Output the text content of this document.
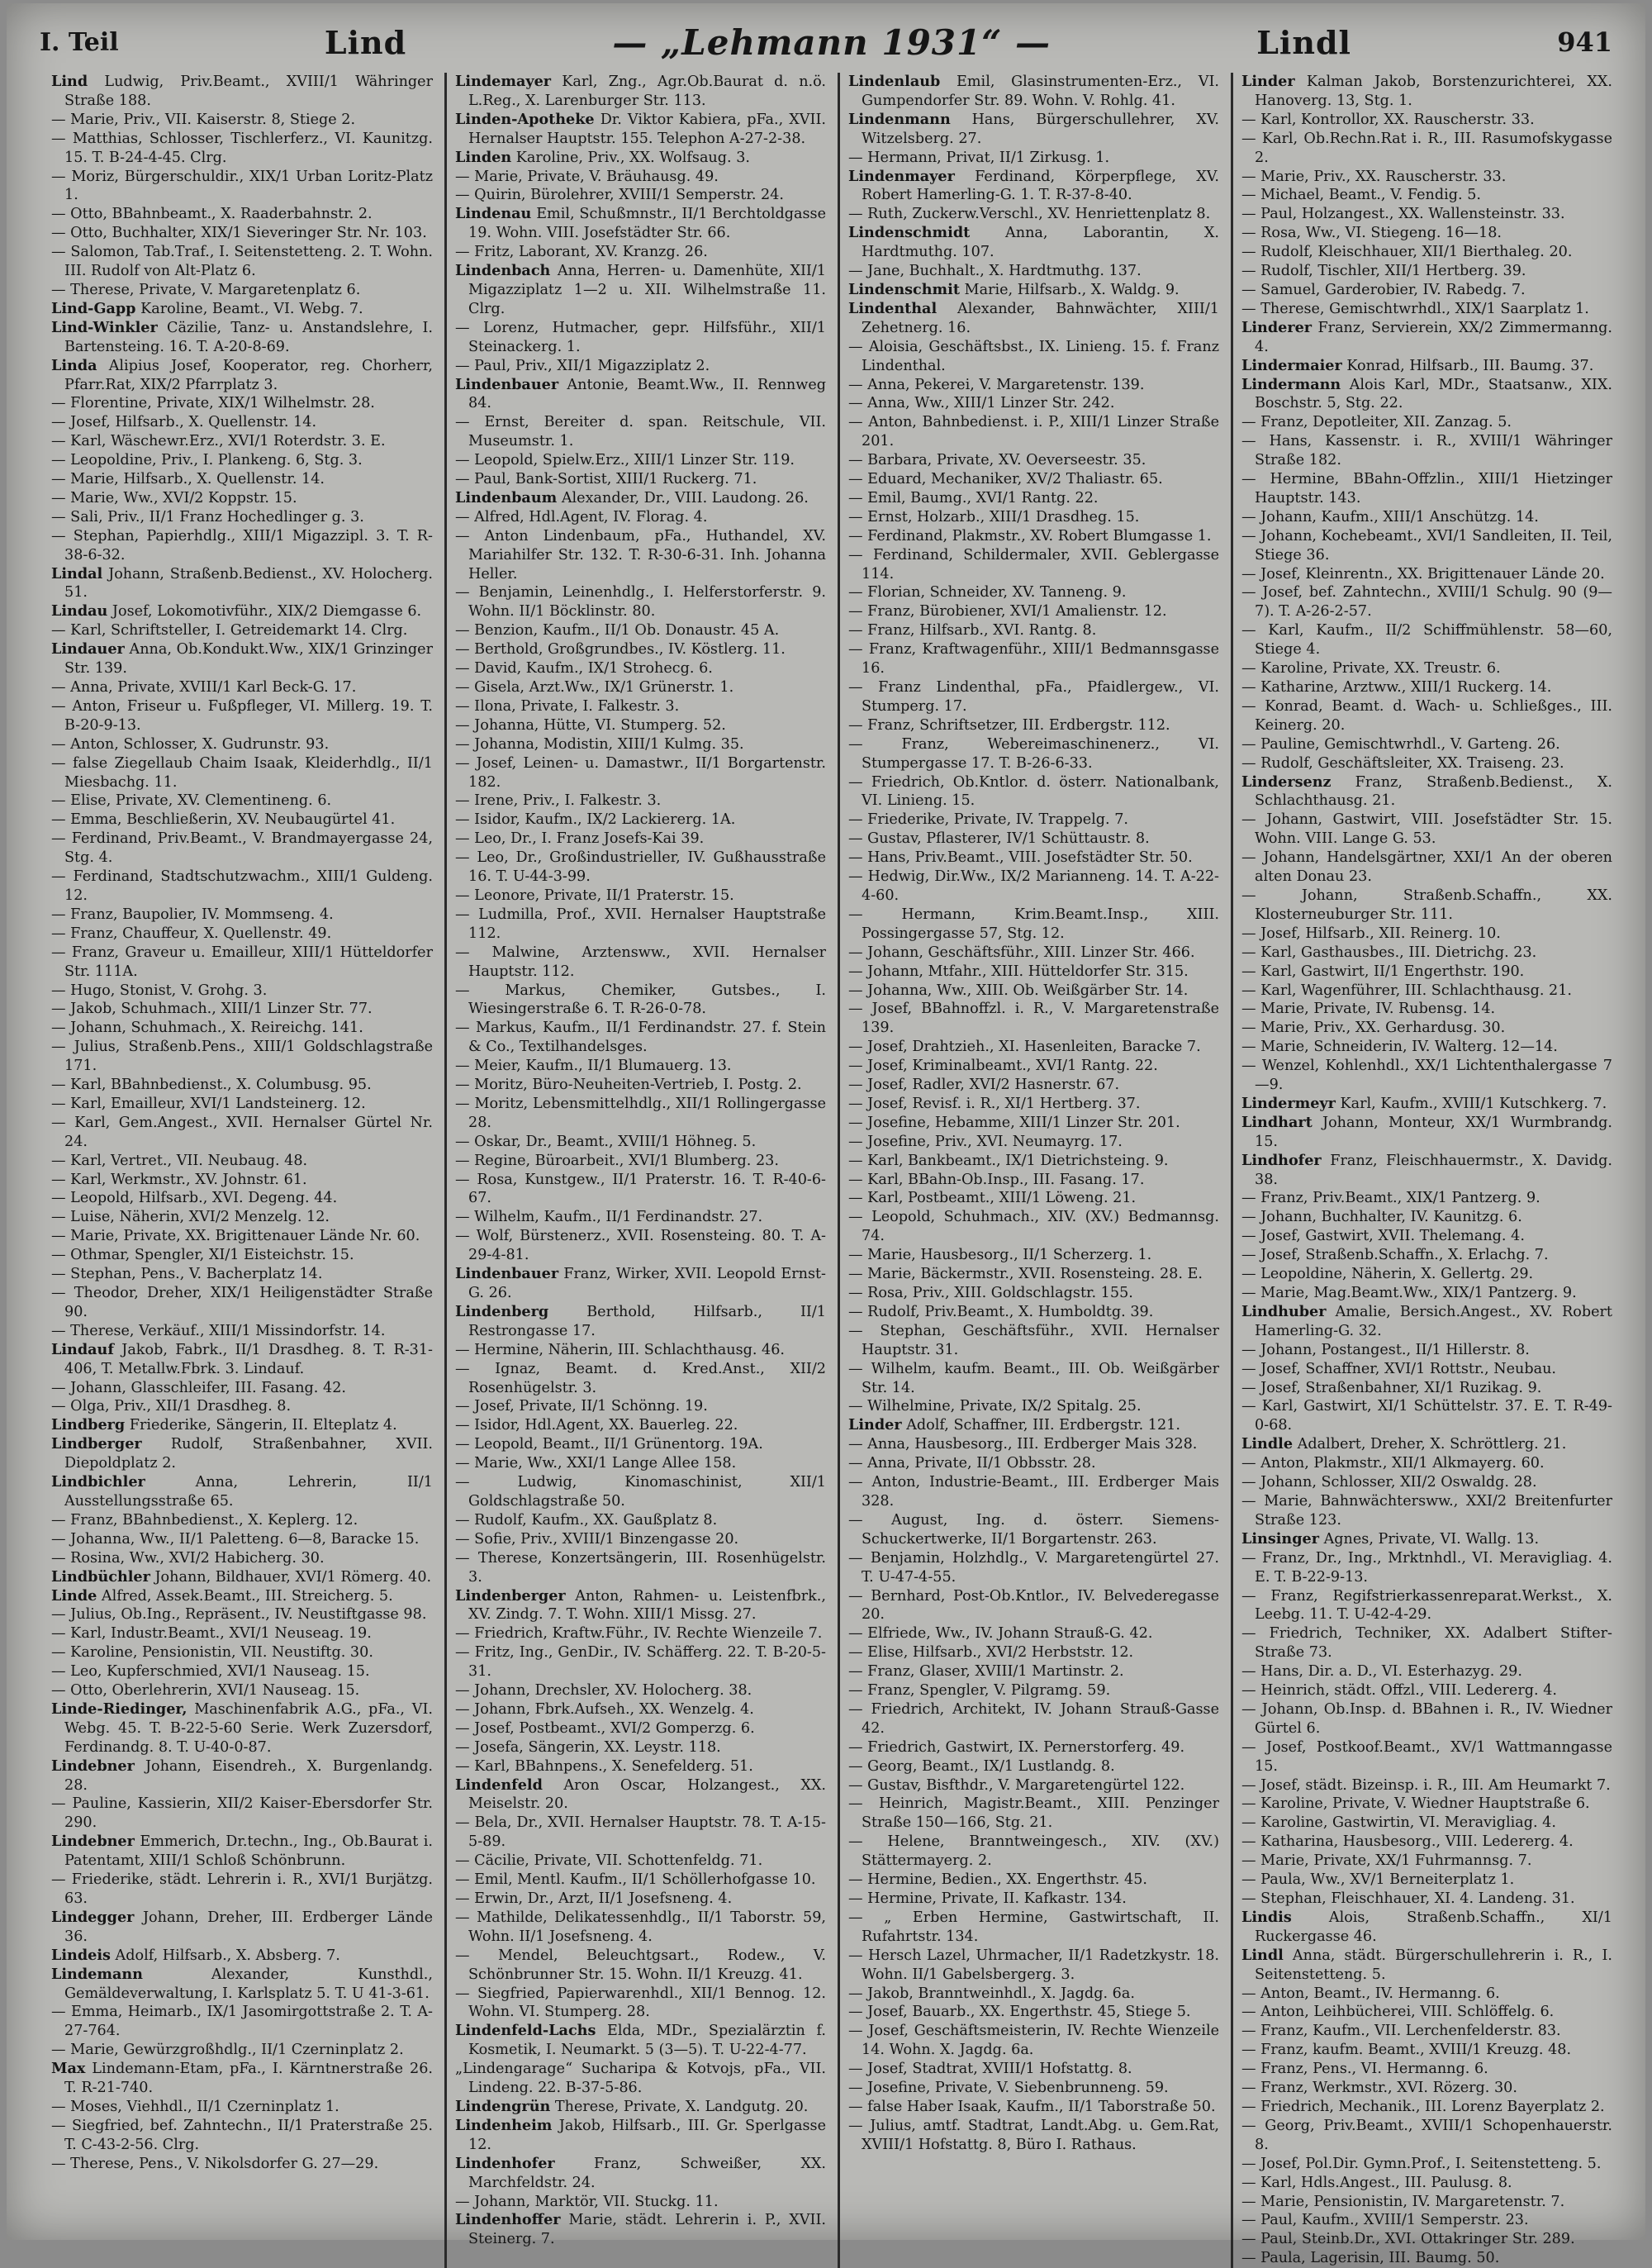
I. Teil	Lind	— „Lehmann 1931“ —	Lindl	941

Lind Ludwig, Priv.Beamt., XVIII/1 Währinger Straße 188.

— Marie, Priv., VII. Kaiserstr. 8, Stiege 2.

— Matthias, Schlosser, Tischlerferz., VI. Kaunitzg. 15. T. B-24-4-45. Clrg.

— Moriz, Bürgerschuldir., XIX/1 Urban Loritz-Platz 1.

— Otto, BBahnbeamt., X. Raaderbahnstr. 2.

— Otto, Buchhalter, XIX/1 Sieveringer Str. Nr. 103.

— Salomon, Tab.Traf., I. Seitenstetteng. 2. T. Wohn. III. Rudolf von Alt-Platz 6.

— Therese, Private, V. Margaretenplatz 6.

Lind-Gapp Karoline, Beamt., VI. Webg. 7.

Lind-Winkler Cäzilie, Tanz- u. Anstandslehre, I. Bartensteing. 16. T. A-20-8-69.

Linda Alipius Josef, Kooperator, reg. Chorherr, Pfarr.Rat, XIX/2 Pfarrplatz 3.

— Florentine, Private, XIX/1 Wilhelmstr. 28.

— Josef, Hilfsarb., X. Quellenstr. 14.

— Karl, Wäschewr.Erz., XVI/1 Roterdstr. 3. E.

— Leopoldine, Priv., I. Plankeng. 6, Stg. 3.

— Marie, Hilfsarb., X. Quellenstr. 14.

— Marie, Ww., XVI/2 Koppstr. 15.

— Sali, Priv., II/1 Franz Hochedlinger g. 3.

— Stephan, Papierhdlg., XIII/1 Migazzipl. 3. T. R-38-6-32.

Lindal Johann, Straßenb.Bedienst., XV. Holocherg. 51.

Lindau Josef, Lokomotivführ., XIX/2 Diemgasse 6.

— Karl, Schriftsteller, I. Getreidemarkt 14. Clrg.

Lindauer Anna, Ob.Kondukt.Ww., XIX/1 Grinzinger Str. 139.

— Anna, Private, XVIII/1 Karl Beck-G. 17.

— Anton, Friseur u. Fußpfleger, VI. Millerg. 19. T. B-20-9-13.

— Anton, Schlosser, X. Gudrunstr. 93.

— false Ziegellaub Chaim Isaak, Kleiderhdlg., II/1 Miesbachg. 11.

— Elise, Private, XV. Clementineng. 6.

— Emma, Beschließerin, XV. Neubaugürtel 41.

— Ferdinand, Priv.Beamt., V. Brandmayergasse 24, Stg. 4.

— Ferdinand, Stadtschutzwachm., XIII/1 Guldeng. 12.

— Franz, Baupolier, IV. Mommseng. 4.

— Franz, Chauffeur, X. Quellenstr. 49.

— Franz, Graveur u. Emailleur, XIII/1 Hütteldorfer Str. 111A.

— Hugo, Stonist, V. Grohg. 3.

— Jakob, Schuhmach., XIII/1 Linzer Str. 77.

— Johann, Schuhmach., X. Reireichg. 141.

— Julius, Straßenb.Pens., XIII/1 Goldschlagstraße 171.

— Karl, BBahnbedienst., X. Columbusg. 95.

— Karl, Emailleur, XVI/1 Landsteinerg. 12.

— Karl, Gem.Angest., XVII. Hernalser Gürtel Nr. 24.

— Karl, Vertret., VII. Neubaug. 48.

— Karl, Werkmstr., XV. Johnstr. 61.

— Leopold, Hilfsarb., XVI. Degeng. 44.

— Luise, Näherin, XVI/2 Menzelg. 12.

— Marie, Private, XX. Brigittenauer Lände Nr. 60.

— Othmar, Spengler, XI/1 Eisteichstr. 15.

— Stephan, Pens., V. Bacherplatz 14.

— Theodor, Dreher, XIX/1 Heiligenstädter Straße 90.

— Therese, Verkäuf., XIII/1 Missindorfstr. 14.

Lindauf Jakob, Fabrk., II/1 Drasdheg. 8. T. R-31-406, T. Metallw.Fbrk. 3. Lindauf.

— Johann, Glasschleifer, III. Fasang. 42.

— Olga, Priv., XII/1 Drasdheg. 8.

Lindberg Friederike, Sängerin, II. Elteplatz 4.

Lindberger Rudolf, Straßenbahner, XVII. Diepoldplatz 2.

Lindbichler Anna, Lehrerin, II/1 Ausstellungsstraße 65.

— Franz, BBahnbedienst., X. Keplerg. 12.

— Johanna, Ww., II/1 Paletteng. 6—8, Baracke 15.

— Rosina, Ww., XVI/2 Habicherg. 30.

Lindbüchler Johann, Bildhauer, XVI/1 Römerg. 40.

Linde Alfred, Assek.Beamt., III. Streicherg. 5.

— Julius, Ob.Ing., Repräsent., IV. Neustiftgasse 98.

— Karl, Industr.Beamt., XVI/1 Neuseag. 19.

— Karoline, Pensionistin, VII. Neustiftg. 30.

— Leo, Kupferschmied, XVI/1 Nauseag. 15.

— Otto, Oberlehrerin, XVI/1 Nauseag. 15.

Linde-Riedinger, Maschinenfabrik A.G., pFa., VI. Webg. 45. T. B-22-5-60 Serie. Werk Zuzersdorf, Ferdinandg. 8. T. U-40-0-87.

Lindebner Johann, Eisendreh., X. Burgenlandg. 28.

— Pauline, Kassierin, XII/2 Kaiser-Ebersdorfer Str. 290.

Lindebner Emmerich, Dr.techn., Ing., Ob.Baurat i. Patentamt, XIII/1 Schloß Schönbrunn.

— Friederike, städt. Lehrerin i. R., XVI/1 Burjätzg. 63.

Lindegger Johann, Dreher, III. Erdberger Lände 36.

Lindeis Adolf, Hilfsarb., X. Absberg. 7.

Lindemann Alexander, Kunsthdl., Gemäldeverwaltung, I. Karlsplatz 5. T. U 41-3-61.

— Emma, Heimarb., IX/1 Jasomirgottstraße 2. T. A-27-764.

— Marie, Gewürzgroßhdlg., II/1 Czerninplatz 2.

Max Lindemann-Etam, pFa., I. Kärntnerstraße 26. T. R-21-740.

— Moses, Viehhdl., II/1 Czerninplatz 1.

— Siegfried, bef. Zahntechn., II/1 Praterstraße 25. T. C-43-2-56. Clrg.

— Therese, Pens., V. Nikolsdorfer G. 27—29.

Lindemayer Karl, Zng., Agr.Ob.Baurat d. n.ö. L.Reg., X. Larenburger Str. 113.

Linden-Apotheke Dr. Viktor Kabiera, pFa., XVII. Hernalser Hauptstr. 155. Telephon A-27-2-38.

Linden Karoline, Priv., XX. Wolfsaug. 3.

— Marie, Private, V. Bräuhausg. 49.

— Quirin, Bürolehrer, XVIII/1 Semperstr. 24.

Lindenau Emil, Schußmnstr., II/1 Berchtoldgasse 19. Wohn. VIII. Josefstädter Str. 66.

— Fritz, Laborant, XV. Kranzg. 26.

Lindenbach Anna, Herren- u. Damenhüte, XII/1 Migazziplatz 1—2 u. XII. Wilhelmstraße 11. Clrg.

— Lorenz, Hutmacher, gepr. Hilfsführ., XII/1 Steinackerg. 1.

— Paul, Priv., XII/1 Migazziplatz 2.

Lindenbauer Antonie, Beamt.Ww., II. Rennweg 84.

— Ernst, Bereiter d. span. Reitschule, VII. Museumstr. 1.

— Leopold, Spielw.Erz., XIII/1 Linzer Str. 119.

— Paul, Bank-Sortist, XIII/1 Ruckerg. 71.

Lindenbaum Alexander, Dr., VIII. Laudong. 26.

— Alfred, Hdl.Agent, IV. Florag. 4.

— Anton Lindenbaum, pFa., Huthandel, XV. Mariahilfer Str. 132. T. R-30-6-31. Inh. Johanna Heller.

— Benjamin, Leinenhdlg., I. Helferstorferstr. 9. Wohn. II/1 Böcklinstr. 80.

— Benzion, Kaufm., II/1 Ob. Donaustr. 45 A.

— Berthold, Großgrundbes., IV. Köstlerg. 11.

— David, Kaufm., IX/1 Strohecg. 6.

— Gisela, Arzt.Ww., IX/1 Grünerstr. 1.

— Ilona, Private, I. Falkestr. 3.

— Johanna, Hütte, VI. Stumperg. 52.

— Johanna, Modistin, XIII/1 Kulmg. 35.

— Josef, Leinen- u. Damastwr., II/1 Borgartenstr. 182.

— Irene, Priv., I. Falkestr. 3.

— Isidor, Kaufm., IX/2 Lackiererg. 1A.

— Leo, Dr., I. Franz Josefs-Kai 39.

— Leo, Dr., Großindustrieller, IV. Gußhausstraße 16. T. U-44-3-99.

— Leonore, Private, II/1 Praterstr. 15.

— Ludmilla, Prof., XVII. Hernalser Hauptstraße 112.

— Malwine, Arztensww., XVII. Hernalser Hauptstr. 112.

— Markus, Chemiker, Gutsbes., I. Wiesingerstraße 6. T. R-26-0-78.

— Markus, Kaufm., II/1 Ferdinandstr. 27. f. Stein & Co., Textilhandelsges.

— Meier, Kaufm., II/1 Blumauerg. 13.

— Moritz, Büro-Neuheiten-Vertrieb, I. Postg. 2.

— Moritz, Lebensmittelhdlg., XII/1 Rollingergasse 28.

— Oskar, Dr., Beamt., XVIII/1 Höhneg. 5.

— Regine, Büroarbeit., XVI/1 Blumberg. 23.

— Rosa, Kunstgew., II/1 Praterstr. 16. T. R-40-6-67.

— Wilhelm, Kaufm., II/1 Ferdinandstr. 27.

— Wolf, Bürstenerz., XVII. Rosensteing. 80. T. A-29-4-81.

Lindenbauer Franz, Wirker, XVII. Leopold Ernst-G. 26.

Lindenberg Berthold, Hilfsarb., II/1 Restrongasse 17.

— Hermine, Näherin, III. Schlachthausg. 46.

— Ignaz, Beamt. d. Kred.Anst., XII/2 Rosenhügelstr. 3.

— Josef, Private, II/1 Schönng. 19.

— Isidor, Hdl.Agent, XX. Bauerleg. 22.

— Leopold, Beamt., II/1 Grünentorg. 19A.

— Marie, Ww., XXI/1 Lange Allee 158.

— Ludwig, Kinomaschinist, XII/1 Goldschlagstraße 50.

— Rudolf, Kaufm., XX. Gaußplatz 8.

— Sofie, Priv., XVIII/1 Binzengasse 20.

— Therese, Konzertsängerin, III. Rosenhügelstr. 3.

Lindenberger Anton, Rahmen- u. Leistenfbrk., XV. Zindg. 7. T. Wohn. XIII/1 Missg. 27.

— Friedrich, Kraftw.Führ., IV. Rechte Wienzeile 7.

— Fritz, Ing., GenDir., IV. Schäfferg. 22. T. B-20-5-31.

— Johann, Drechsler, XV. Holocherg. 38.

— Johann, Fbrk.Aufseh., XX. Wenzelg. 4.

— Josef, Postbeamt., XVI/2 Gomperzg. 6.

— Josefa, Sängerin, XX. Leystr. 118.

— Karl, BBahnpens., X. Senefelderg. 51.

Lindenfeld Aron Oscar, Holzangest., XX. Meiselstr. 20.

— Bela, Dr., XVII. Hernalser Hauptstr. 78. T. A-15-5-89.

— Cäcilie, Private, VII. Schottenfeldg. 71.

— Emil, Mentl. Kaufm., II/1 Schöllerhofgasse 10.

— Erwin, Dr., Arzt, II/1 Josefsneng. 4.

— Mathilde, Delikatessenhdlg., II/1 Taborstr. 59, Wohn. II/1 Josefsneng. 4.

— Mendel, Beleuchtgsart., Rodew., V. Schönbrunner Str. 15. Wohn. II/1 Kreuzg. 41.

— Siegfried, Papierwarenhdl., XII/1 Bennog. 12. Wohn. VI. Stumperg. 28.

Lindenfeld-Lachs Elda, MDr., Spezialärztin f. Kosmetik, I. Neumarkt. 5 (3—5). T. U-22-4-77.

„Lindengarage“ Sucharipa & Kotvojs, pFa., VII. Lindeng. 22. B-37-5-86.

Lindengrün Therese, Private, X. Landgutg. 20.

Lindenheim Jakob, Hilfsarb., III. Gr. Sperlgasse 12.

Lindenhofer Franz, Schweißer, XX. Marchfeldstr. 24.

— Johann, Marktör, VII. Stuckg. 11.

Lindenhoffer Marie, städt. Lehrerin i. P., XVII. Steinerg. 7.

Lindenlaub Emil, Glasinstrumenten-Erz., VI. Gumpendorfer Str. 89. Wohn. V. Rohlg. 41.

Lindenmann Hans, Bürgerschullehrer, XV. Witzelsberg. 27.

— Hermann, Privat, II/1 Zirkusg. 1.

Lindenmayer Ferdinand, Körperpflege, XV. Robert Hamerling-G. 1. T. R-37-8-40.

— Ruth, Zuckerw.Verschl., XV. Henriettenplatz 8.

Lindenschmidt Anna, Laborantin, X. Hardtmuthg. 107.

— Jane, Buchhalt., X. Hardtmuthg. 137.

Lindenschmit Marie, Hilfsarb., X. Waldg. 9.

Lindenthal Alexander, Bahnwächter, XIII/1 Zehetnerg. 16.

— Aloisia, Geschäftsbst., IX. Linieng. 15. f. Franz Lindenthal.

— Anna, Pekerei, V. Margaretenstr. 139.

— Anna, Ww., XIII/1 Linzer Str. 242.

— Anton, Bahnbedienst. i. P., XIII/1 Linzer Straße 201.

— Barbara, Private, XV. Oeverseestr. 35.

— Eduard, Mechaniker, XV/2 Thaliastr. 65.

— Emil, Baumg., XVI/1 Rantg. 22.

— Ernst, Holzarb., XIII/1 Drasdheg. 15.

— Ferdinand, Plakmstr., XV. Robert Blumgasse 1.

— Ferdinand, Schildermaler, XVII. Geblergasse 114.

— Florian, Schneider, XV. Tanneng. 9.

— Franz, Bürobiener, XVI/1 Amalienstr. 12.

— Franz, Hilfsarb., XVI. Rantg. 8.

— Franz, Kraftwagenführ., XIII/1 Bedmannsgasse 16.

— Franz Lindenthal, pFa., Pfaidlergew., VI. Stumperg. 17.

— Franz, Schriftsetzer, III. Erdbergstr. 112.

— Franz, Webereimaschinenerz., VI. Stumpergasse 17. T. B-26-6-33.

— Friedrich, Ob.Kntlor. d. österr. Nationalbank, VI. Linieng. 15.

— Friederike, Private, IV. Trappelg. 7.

— Gustav, Pflasterer, IV/1 Schüttaustr. 8.

— Hans, Priv.Beamt., VIII. Josefstädter Str. 50.

— Hedwig, Dir.Ww., IX/2 Marianneng. 14. T. A-22-4-60.

— Hermann, Krim.Beamt.Insp., XIII. Possingergasse 57, Stg. 12.

— Johann, Geschäftsführ., XIII. Linzer Str. 466.

— Johann, Mtfahr., XIII. Hütteldorfer Str. 315.

— Johanna, Ww., XIII. Ob. Weißgärber Str. 14.

— Josef, BBahnoffzl. i. R., V. Margaretenstraße 139.

— Josef, Drahtzieh., XI. Hasenleiten, Baracke 7.

— Josef, Kriminalbeamt., XVI/1 Rantg. 22.

— Josef, Radler, XVI/2 Hasnerstr. 67.

— Josef, Revisf. i. R., XI/1 Hertberg. 37.

— Josefine, Hebamme, XIII/1 Linzer Str. 201.

— Josefine, Priv., XVI. Neumayrg. 17.

— Karl, Bankbeamt., IX/1 Dietrichsteing. 9.

— Karl, BBahn-Ob.Insp., III. Fasang. 17.

— Karl, Postbeamt., XIII/1 Löweng. 21.

— Leopold, Schuhmach., XIV. (XV.) Bedmannsg. 74.

— Marie, Hausbesorg., II/1 Scherzerg. 1.

— Marie, Bäckermstr., XVII. Rosensteing. 28. E.

— Rosa, Priv., XIII. Goldschlagstr. 155.

— Rudolf, Priv.Beamt., X. Humboldtg. 39.

— Stephan, Geschäftsführ., XVII. Hernalser Hauptstr. 31.

— Wilhelm, kaufm. Beamt., III. Ob. Weißgärber Str. 14.

— Wilhelmine, Private, IX/2 Spitalg. 25.

Linder Adolf, Schaffner, III. Erdbergstr. 121.

— Anna, Hausbesorg., III. Erdberger Mais 328.

— Anna, Private, II/1 Obbsstr. 28.

— Anton, Industrie-Beamt., III. Erdberger Mais 328.

— August, Ing. d. österr. Siemens-Schuckertwerke, II/1 Borgartenstr. 263.

— Benjamin, Holzhdlg., V. Margaretengürtel 27. T. U-47-4-55.

— Bernhard, Post-Ob.Kntlor., IV. Belvederegasse 20.

— Elfriede, Ww., IV. Johann Strauß-G. 42.

— Elise, Hilfsarb., XVI/2 Herbststr. 12.

— Franz, Glaser, XVIII/1 Martinstr. 2.

— Franz, Spengler, V. Pilgramg. 59.

— Friedrich, Architekt, IV. Johann Strauß-Gasse 42.

— Friedrich, Gastwirt, IX. Pernerstorferg. 49.

— Georg, Beamt., IX/1 Lustlandg. 8.

— Gustav, Bisfthdr., V. Margaretengürtel 122.

— Heinrich, Magistr.Beamt., XIII. Penzinger Straße 150—166, Stg. 21.

— Helene, Branntweingesch., XIV. (XV.) Stättermayerg. 2.

— Hermine, Bedien., XX. Engerthstr. 45.

— Hermine, Private, II. Kafkastr. 134.

— „ Erben Hermine, Gastwirtschaft, II. Rufahrtstr. 134.

— Hersch Lazel, Uhrmacher, II/1 Radetzkystr. 18. Wohn. II/1 Gabelsbergerg. 3.

— Jakob, Branntweinhdl., X. Jagdg. 6a.

— Josef, Bauarb., XX. Engerthstr. 45, Stiege 5.

— Josef, Geschäftsmeisterin, IV. Rechte Wienzeile 14. Wohn. X. Jagdg. 6a.

— Josef, Stadtrat, XVIII/1 Hofstattg. 8.

— Josefine, Private, V. Siebenbrunneng. 59.

— false Haber Isaak, Kaufm., II/1 Taborstraße 50.

— Julius, amtf. Stadtrat, Landt.Abg. u. Gem.Rat, XVIII/1 Hofstattg. 8, Büro I. Rathaus.

Linder Kalman Jakob, Borstenzurichterei, XX. Hanoverg. 13, Stg. 1.

— Karl, Kontrollor, XX. Rauscherstr. 33.

— Karl, Ob.Rechn.Rat i. R., III. Rasumofskygasse 2.

— Marie, Priv., XX. Rauscherstr. 33.

— Michael, Beamt., V. Fendig. 5.

— Paul, Holzangest., XX. Wallensteinstr. 33.

— Rosa, Ww., VI. Stiegeng. 16—18.

— Rudolf, Kleischhauer, XII/1 Bierthaleg. 20.

— Rudolf, Tischler, XII/1 Hertberg. 39.

— Samuel, Garderobier, IV. Rabedg. 7.

— Therese, Gemischtwrhdl., XIX/1 Saarplatz 1.

Linderer Franz, Servierein, XX/2 Zimmermanng. 4.

Lindermaier Konrad, Hilfsarb., III. Baumg. 37.

Lindermann Alois Karl, MDr., Staatsanw., XIX. Boschstr. 5, Stg. 22.

— Franz, Depotleiter, XII. Zanzag. 5.

— Hans, Kassenstr. i. R., XVIII/1 Währinger Straße 182.

— Hermine, BBahn-Offzlin., XIII/1 Hietzinger Hauptstr. 143.

— Johann, Kaufm., XIII/1 Anschützg. 14.

— Johann, Kochebeamt., XVI/1 Sandleiten, II. Teil, Stiege 36.

— Josef, Kleinrentn., XX. Brigittenauer Lände 20.

— Josef, bef. Zahntechn., XVIII/1 Schulg. 90 (9—7). T. A-26-2-57.

— Karl, Kaufm., II/2 Schiffmühlenstr. 58—60, Stiege 4.

— Karoline, Private, XX. Treustr. 6.

— Katharine, Arztww., XIII/1 Ruckerg. 14.

— Konrad, Beamt. d. Wach- u. Schließges., III. Keinerg. 20.

— Pauline, Gemischtwrhdl., V. Garteng. 26.

— Rudolf, Geschäftsleiter, XX. Traiseng. 23.

Lindersenz Franz, Straßenb.Bedienst., X. Schlachthausg. 21.

— Johann, Gastwirt, VIII. Josefstädter Str. 15. Wohn. VIII. Lange G. 53.

— Johann, Handelsgärtner, XXI/1 An der oberen alten Donau 23.

— Johann, Straßenb.Schaffn., XX. Klosterneuburger Str. 111.

— Josef, Hilfsarb., XII. Reinerg. 10.

— Karl, Gasthausbes., III. Dietrichg. 23.

— Karl, Gastwirt, II/1 Engerthstr. 190.

— Karl, Wagenführer, III. Schlachthausg. 21.

— Marie, Private, IV. Rubensg. 14.

— Marie, Priv., XX. Gerhardusg. 30.

— Marie, Schneiderin, IV. Walterg. 12—14.

— Wenzel, Kohlenhdl., XX/1 Lichtenthalergasse 7—9.

Lindermeyr Karl, Kaufm., XVIII/1 Kutschkerg. 7.

Lindhart Johann, Monteur, XX/1 Wurmbrandg. 15.

Lindhofer Franz, Fleischhauermstr., X. Davidg. 38.

— Franz, Priv.Beamt., XIX/1 Pantzerg. 9.

— Johann, Buchhalter, IV. Kaunitzg. 6.

— Josef, Gastwirt, XVII. Thelemang. 4.

— Josef, Straßenb.Schaffn., X. Erlachg. 7.

— Leopoldine, Näherin, X. Gellertg. 29.

— Marie, Mag.Beamt.Ww., XIX/1 Pantzerg. 9.

Lindhuber Amalie, Bersich.Angest., XV. Robert Hamerling-G. 32.

— Johann, Postangest., II/1 Hillerstr. 8.

— Josef, Schaffner, XVI/1 Rottstr., Neubau.

— Josef, Straßenbahner, XI/1 Ruzikag. 9.

— Karl, Gastwirt, XI/1 Schüttelstr. 37. E. T. R-49-0-68.

Lindle Adalbert, Dreher, X. Schröttlerg. 21.

— Anton, Plakmstr., XII/1 Alkmayerg. 60.

— Johann, Schlosser, XII/2 Oswaldg. 28.

— Marie, Bahnwächtersww., XXI/2 Breitenfurter Straße 123.

Linsinger Agnes, Private, VI. Wallg. 13.

— Franz, Dr., Ing., Mrktnhdl., VI. Meravigliag. 4. E. T. B-22-9-13.

— Franz, Regifstrierkassenreparat.Werkst., X. Leebg. 11. T. U-42-4-29.

— Friedrich, Techniker, XX. Adalbert Stifter-Straße 73.

— Hans, Dir. a. D., VI. Esterhazyg. 29.

— Heinrich, städt. Offzl., VIII. Ledererg. 4.

— Johann, Ob.Insp. d. BBahnen i. R., IV. Wiedner Gürtel 6.

— Josef, Postkoof.Beamt., XV/1 Wattmanngasse 15.

— Josef, städt. Bizeinsp. i. R., III. Am Heumarkt 7.

— Karoline, Private, V. Wiedner Hauptstraße 6.

— Karoline, Gastwirtin, VI. Meravigliag. 4.

— Katharina, Hausbesorg., VIII. Ledererg. 4.

— Marie, Private, XX/1 Fuhrmannsg. 7.

— Paula, Ww., XV/1 Berneiterplatz 1.

— Stephan, Fleischhauer, XI. 4. Landeng. 31.

Lindis Alois, Straßenb.Schaffn., XI/1 Ruckergasse 46.

Lindl Anna, städt. Bürgerschullehrerin i. R., I. Seitenstetteng. 5.

— Anton, Beamt., IV. Hermanng. 6.

— Anton, Leihbücherei, VIII. Schlöffelg. 6.

— Franz, Kaufm., VII. Lerchenfelderstr. 83.

— Franz, kaufm. Beamt., XVIII/1 Kreuzg. 48.

— Franz, Pens., VI. Hermanng. 6.

— Franz, Werkmstr., XVI. Rözerg. 30.

— Friedrich, Mechanik., III. Lorenz Bayerplatz 2.

— Georg, Priv.Beamt., XVIII/1 Schopenhauerstr. 8.

— Josef, Pol.Dir. Gymn.Prof., I. Seitenstetteng. 5.

— Karl, Hdls.Angest., III. Paulusg. 8.

— Marie, Pensionistin, IV. Margaretenstr. 7.

— Paul, Kaufm., XVIII/1 Semperstr. 23.

— Paul, Steinb.Dr., XVI. Ottakringer Str. 289.

— Paula, Lagerisin, III. Baumg. 50.
